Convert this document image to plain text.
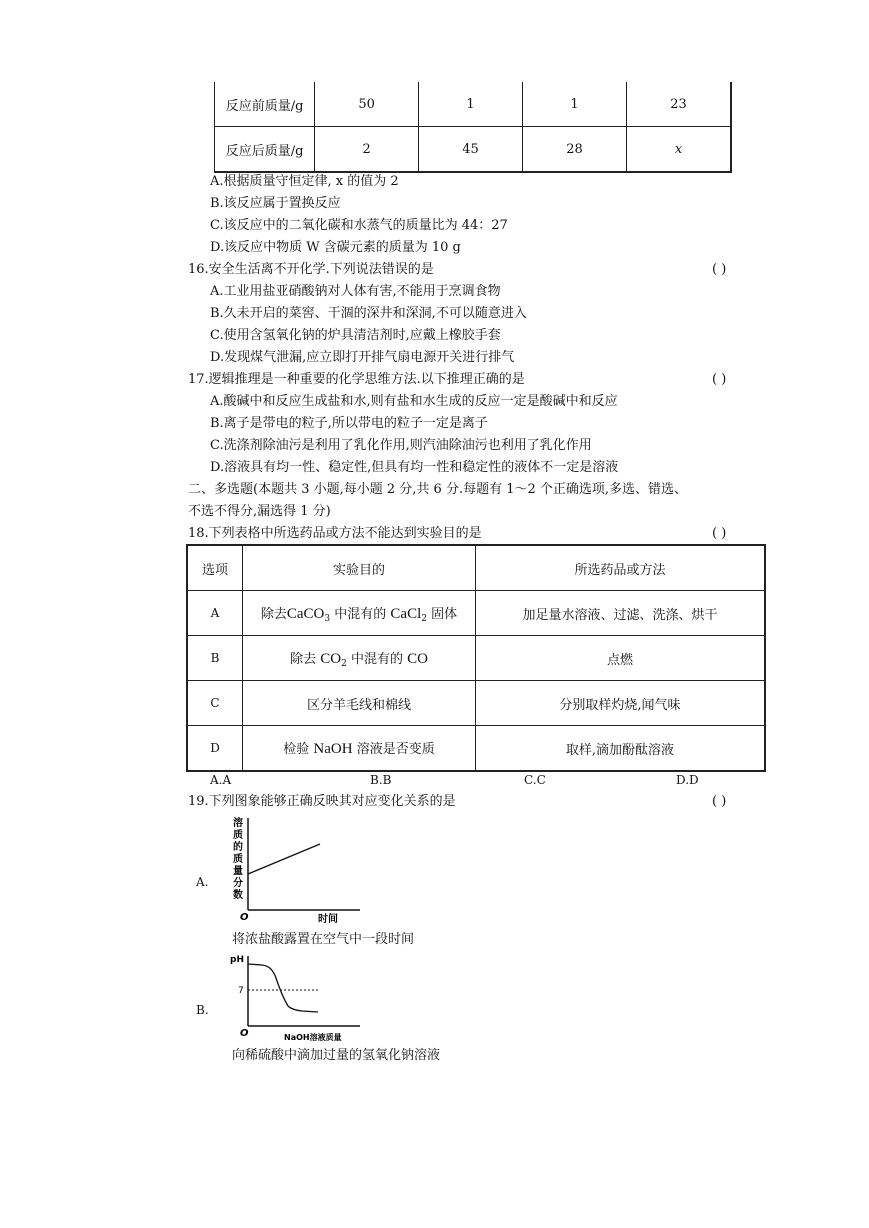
反应前质量/g	50	1	1	23
反应后质量/g	2	45	28	x
A.根据质量守恒定律, x 的值为 2
B.该反应属于置换反应
C.该反应中的二氧化碳和水蒸气的质量比为 44：27
D.该反应中物质 W 含碳元素的质量为 10 g
16.安全生活离不开化学.下列说法错误的是	( )
A.工业用盐亚硝酸钠对人体有害,不能用于烹调食物
B.久未开启的菜窖、干涸的深井和深洞,不可以随意进入
C.使用含氢氧化钠的炉具清洁剂时,应戴上橡胶手套
D.发现煤气泄漏,应立即打开排气扇电源开关进行排气
17.逻辑推理是一种重要的化学思维方法.以下推理正确的是	( )
A.酸碱中和反应生成盐和水,则有盐和水生成的反应一定是酸碱中和反应
B.离子是带电的粒子,所以带电的粒子一定是离子
C.洗涤剂除油污是利用了乳化作用,则汽油除油污也利用了乳化作用
D.溶液具有均一性、稳定性,但具有均一性和稳定性的液体不一定是溶液
二、多选题(本题共 3 小题,每小题 2 分,共 6 分.每题有 1～2 个正确选项,多选、错选、
不选不得分,漏选得 1 分)
18.下列表格中所选药品或方法不能达到实验目的是	( )
选项	实验目的	所选药品或方法
A	除去CaCO$_3$ 中混有的 CaCl$_2$ 固体	加足量水溶液、过滤、洗涤、烘干
B	除去 $CO_2$ 中混有的 CO	点燃
C	区分羊毛线和棉线	分别取样灼烧,闻气味
D	检验 NaOH 溶液是否变质	取样,滴加酚酞溶液
A.A	B.B	C.C	D.D
19.下列图象能够正确反映其对应变化关系的是	( )
A.
溶
质
的
质
量
分
数
O	时间
将浓盐酸露置在空气中一段时间
B.
pH
7
O	NaOH溶液质量
向稀硫酸中滴加过量的氢氧化钠溶液
